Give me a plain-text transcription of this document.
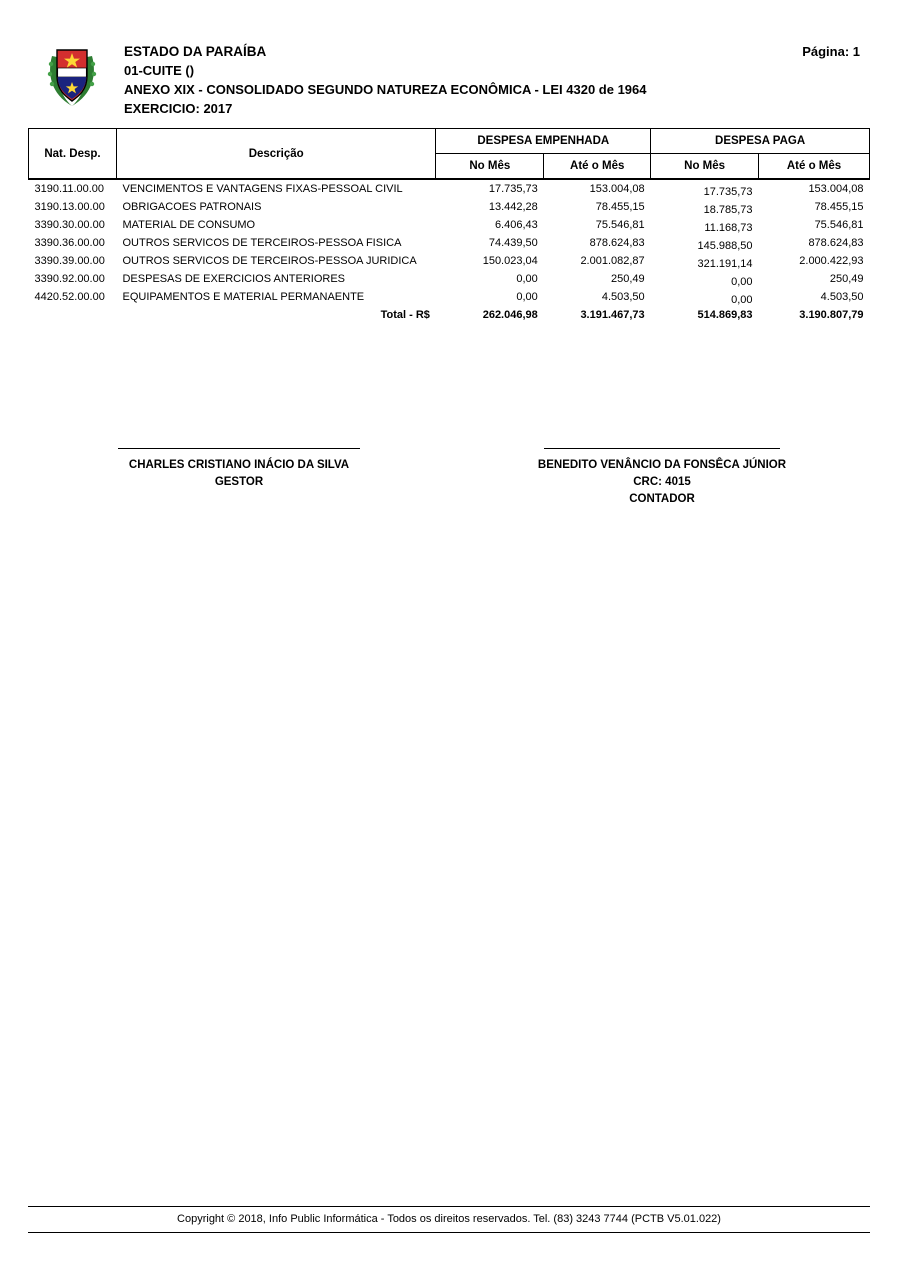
Página: 1
ESTADO DA PARAÍBA
01-CUITE ()
ANEXO XIX - CONSOLIDADO SEGUNDO NATUREZA ECONÔMICA - LEI 4320 de 1964
EXERCICIO: 2017
Nat. Desp.	Descrição	DESPESA EMPENHADA		DESPESA PAGA	
		No Mês	Até o Mês	No Mês	Até o Mês
3190.11.00.00	VENCIMENTOS E VANTAGENS FIXAS-PESSOAL CIVIL	17.735,73	153.004,08	17.735,73	153.004,08
3190.13.00.00	OBRIGACOES PATRONAIS	13.442,28	78.455,15	18.785,73	78.455,15
3390.30.00.00	MATERIAL DE CONSUMO	6.406,43	75.546,81	11.168,73	75.546,81
3390.36.00.00	OUTROS SERVICOS DE TERCEIROS-PESSOA FISICA	74.439,50	878.624,83	145.988,50	878.624,83
3390.39.00.00	OUTROS SERVICOS DE TERCEIROS-PESSOA JURIDICA	150.023,04	2.001.082,87	321.191,14	2.000.422,93
3390.92.00.00	DESPESAS DE EXERCICIOS ANTERIORES	0,00	250,49	0,00	250,49
4420.52.00.00	EQUIPAMENTOS E MATERIAL PERMANAENTE	0,00	4.503,50	0,00	4.503,50
	Total - R$	262.046,98	3.191.467,73	514.869,83	3.190.807,79
CHARLES CRISTIANO INÁCIO DA SILVA
GESTOR
BENEDITO VENÂNCIO DA FONSÊCA JÚNIOR
CRC: 4015
CONTADOR
Copyright © 2018, Info Public Informática - Todos os direitos reservados. Tel. (83) 3243 7744 (PCTB V5.01.022)
